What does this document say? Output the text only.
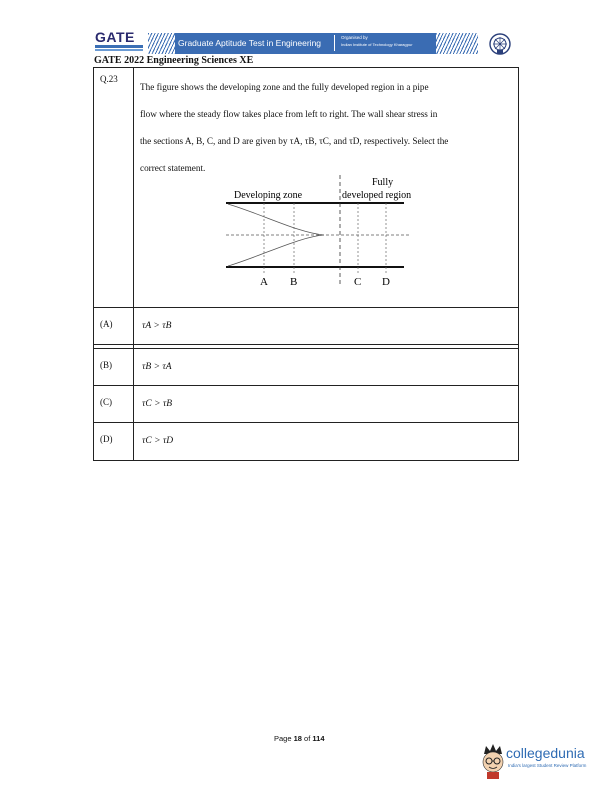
GATE	Graduate Aptitude Test in Engineering
Organised by
Indian Institute of Technology Kharagpur
GATE 2022 Engineering Sciences XE
Q.23
The figure shows the developing zone and the fully developed region in a pipe
flow where the steady flow takes place from left to right. The wall shear stress in
the sections A, B, C, and D are given by τA, τB, τC, and τD, respectively. Select the
correct statement.
(A)	τA > τB
(B)	τB > τA
(C)	τC > τB
(D)	τC > τD
Developing zone
Fully
developed region
A B	C D
Page 18 of 114
collegedunia
India's largest Student Review Platform
